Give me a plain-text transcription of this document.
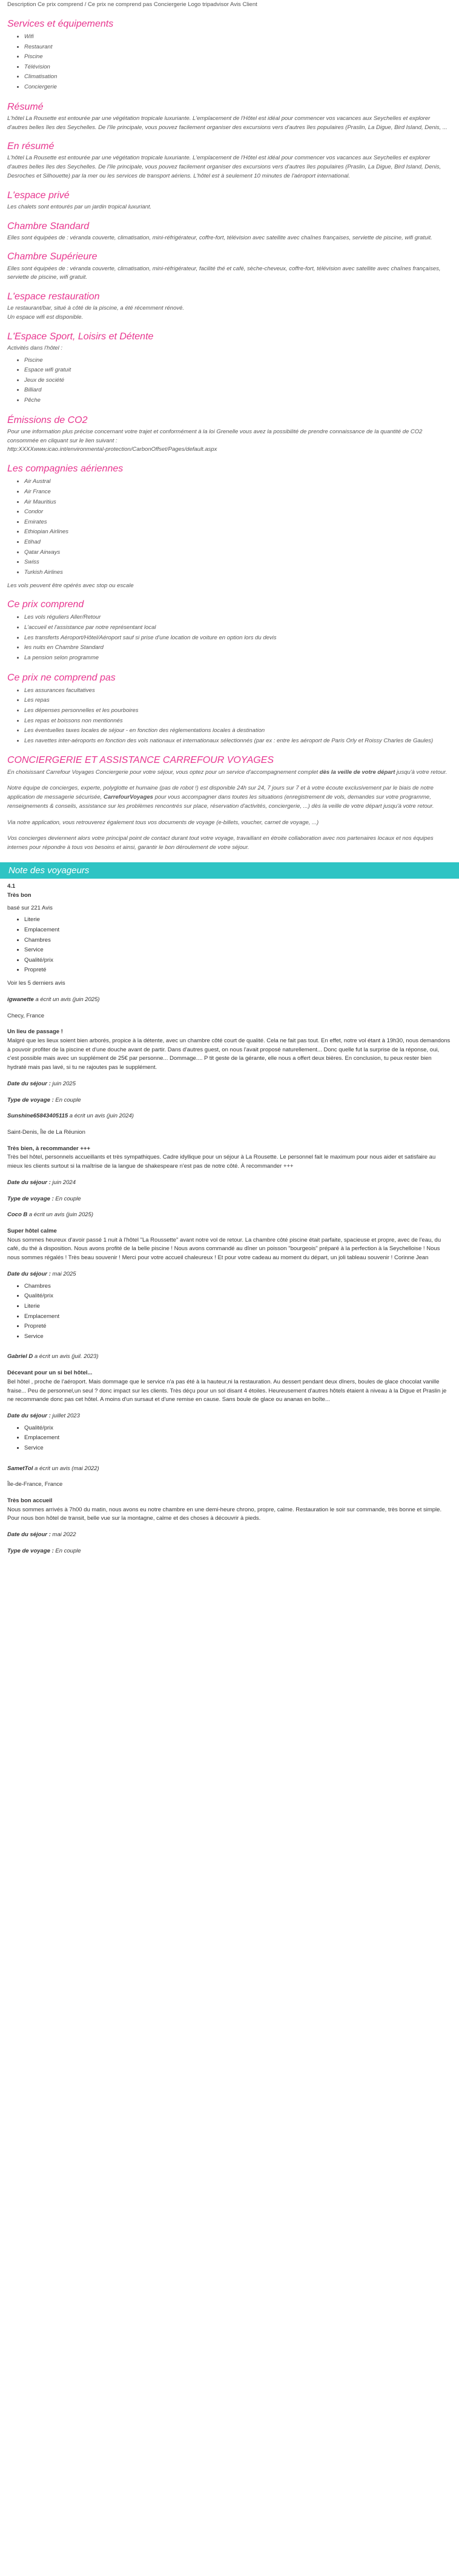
Description Ce prix comprend / Ce prix ne comprend pas Conciergerie Logo tripadvisor Avis Client

Services et équipements
• Wifi
• Restaurant
• Piscine
• Télévision
• Climatisation
• Conciergerie
Résumé

L'hôtel La Rousette est entourée par une végétation tropicale luxuriante. L'emplacement de l'Hôtel est idéal pour commencer vos vacances aux Seychelles et explorer d'autres belles îles des Seychelles. De l'île principale, vous pouvez facilement organiser des excursions vers d'autres îles populaires (Praslin, La Digue, Bird Island, Denis, ...

En résumé

L'hôtel La Rousette est entourée par une végétation tropicale luxuriante. L'emplacement de l'Hôtel est idéal pour commencer vos vacances aux Seychelles et explorer d'autres belles îles des Seychelles. De l'île principale, vous pouvez facilement organiser des excursions vers d'autres îles populaires (Praslin, La Digue, Bird Island, Denis, Desroches et Silhouette) par la mer ou les services de transport aériens. L'hôtel est à seulement 10 minutes de l'aéroport international.

L'espace privé

Les chalets sont entourés par un jardin tropical luxuriant.

Chambre Standard

Elles sont équipées de : véranda couverte, climatisation, mini-réfrigérateur, coffre-fort, télévision avec satellite avec chaînes françaises, serviette de piscine, wifi gratuit.

Chambre Supérieure

Elles sont équipées de : véranda couverte, climatisation, mini-réfrigérateur, facilité thé et café, sèche-cheveux, coffre-fort, télévision avec satellite avec chaînes françaises, serviette de piscine, wifi gratuit.

L'espace restauration

Le restaurant/bar, situé à côté de la piscine, a été récemment rénové.

Un espace wifi est disponible.

L'Espace Sport, Loisirs et Détente

Activités dans l'hôtel :

• Piscine
• Espace wifi gratuit
• Jeux de société
• Billiard
• Pêche
Émissions de CO2

Pour une information plus précise concernant votre trajet et conformément à la loi Grenelle vous avez la possibilité de prendre connaissance de la quantité de CO2 consommée en cliquant sur le lien suivant :

http:XXXXwww.icao.int/environmental-protection/CarbonOffset/Pages/default.aspx

Les compagnies aériennes
• Air Austral
• Air France
• Air Mauritius
• Condor
• Emirates
• Ethiopian Airlines
• Etihad
• Qatar Airways
• Swiss
• Turkish Airlines

Les vols peuvent être opérés avec stop ou escale

Ce prix comprend
• Les vols réguliers Aller/Retour
• L'accueil et l'assistance par notre représentant local
• Les transferts Aéroport/Hôtel/Aéroport sauf si prise d'une location de voiture en option lors du devis
• les nuits en Chambre Standard
• La pension selon programme
Ce prix ne comprend pas
• Les assurances facultatives
• Les repas
• Les dépenses personnelles et les pourboires
• Les repas et boissons non mentionnés
• Les éventuelles taxes locales de séjour - en fonction des réglementations locales à destination
• Les navettes inter-aéroports en fonction des vols nationaux et internationaux sélectionnés (par ex : entre les aéroport de Paris Orly et Roissy Charles de Gaules)
CONCIERGERIE ET ASSISTANCE CARREFOUR VOYAGES

En choisissant Carrefour Voyages Conciergerie pour votre séjour, vous optez pour un service d'accompagnement complet dès la veille de votre départ jusqu'à votre retour.

Notre équipe de concierges, experte, polyglotte et humaine (pas de robot !) est disponible 24h sur 24, 7 jours sur 7 et à votre écoute exclusivement par le biais de notre application de messagerie sécurisée, CarrefourVoyages pour vous accompagner dans toutes les situations (enregistrement de vols, demandes sur votre programme, renseignements & conseils, assistance sur les problèmes rencontrés sur place, réservation d'activités, conciergerie, ...) dès la veille de votre départ jusqu'à votre retour.

Via notre application, vous retrouverez également tous vos documents de voyage (e-billets, voucher, carnet de voyage, ...)

Vos concierges deviennent alors votre principal point de contact durant tout votre voyage, travaillant en étroite collaboration avec nos partenaires locaux et nos équipes internes pour répondre à tous vos besoins et ainsi, garantir le bon déroulement de votre séjour.

Note des voyageurs

4.1

Très bon

basé sur 221 Avis

• Literie
• Emplacement
• Chambres
• Service
• Qualité/prix
• Propreté

Voir les 5 derniers avis

igwanette a écrit un avis (juin 2025)

Checy, France

Un lieu de passage !

Malgré que les lieux soient bien arborés, propice à la détente, avec un chambre côté court de qualité. Cela ne fait pas tout. En effet, notre vol étant à 19h30, nous demandons à pouvoir profiter de la piscine et d'une douche avant de partir. Dans d'autres guest, on nous l'avait proposé naturellement... Donc quelle fut la surprise de la réponse, oui, c'est possible mais avec un supplément de 25€ par personne... Dommage.... P tit geste de la gérante, elle nous a offert deux bières. En conclusion, tu peux rester bien hydraté mais pas lavé, si tu ne rajoutes pas le supplément.

Date du séjour : juin 2025

Type de voyage : En couple

Sunshine65843405115 a écrit un avis (juin 2024)

Saint-Denis, Île de La Réunion

Très bien, à recommander +++

Très bel hôtel, personnels accueillants et très sympathiques. Cadre idyllique pour un séjour à La Rousette. Le personnel fait le maximum pour nous aider et satisfaire au mieux les clients surtout si la maîtrise de la langue de shakespeare n'est pas de notre côté. À recommander +++

Date du séjour : juin 2024

Type de voyage : En couple

Coco B a écrit un avis (juin 2025)

Super hôtel calme

Nous sommes heureux d'avoir passé 1 nuit à l'hôtel "La Roussette" avant notre vol de retour. La chambre côté piscine était parfaite, spacieuse et propre, avec de l'eau, du café, du thé à disposition. Nous avons profité de la belle piscine ! Nous avons commandé au dîner un poisson "bourgeois" préparé à la perfection à la Seychelloise ! Nous nous sommes régalés ! Très beau souvenir ! Merci pour votre accueil chaleureux ! Et pour votre cadeau au moment du départ, un joli tableau souvenir ! Corinne Jean

Date du séjour : mai 2025

• Chambres
• Qualité/prix
• Literie
• Emplacement
• Propreté
• Service

Gabriel D a écrit un avis (juil. 2023)

Décevant pour un si bel hôtel...

Bel hôtel , proche de l'aéroport. Mais dommage que le service n'a pas été à la hauteur,ni la restauration. Au dessert pendant deux dîners, boules de glace chocolat vanille fraise... Peu de personnel,un seul ? donc impact sur les clients. Très déçu pour un sol disant 4 étoiles. Heureusement d'autres hôtels étaient à niveau à la Digue et Praslin je ne recommande donc pas cet hôtel. A moins d'un sursaut et d'une remise en cause. Sans boule de glace ou ananas en boîte...

Date du séjour : juillet 2023

• Qualité/prix
• Emplacement
• Service

SametTol a écrit un avis (mai 2022)

Île-de-France, France

Très bon accueil

Nous sommes arrivés à 7h00 du matin, nous avons eu notre chambre en une demi-heure chrono, propre, calme. Restauration le soir sur commande, très bonne et simple. Pour nous bon hôtel de transit, belle vue sur la montagne, calme et des choses à découvrir à pieds.

Date du séjour : mai 2022

Type de voyage : En couple
